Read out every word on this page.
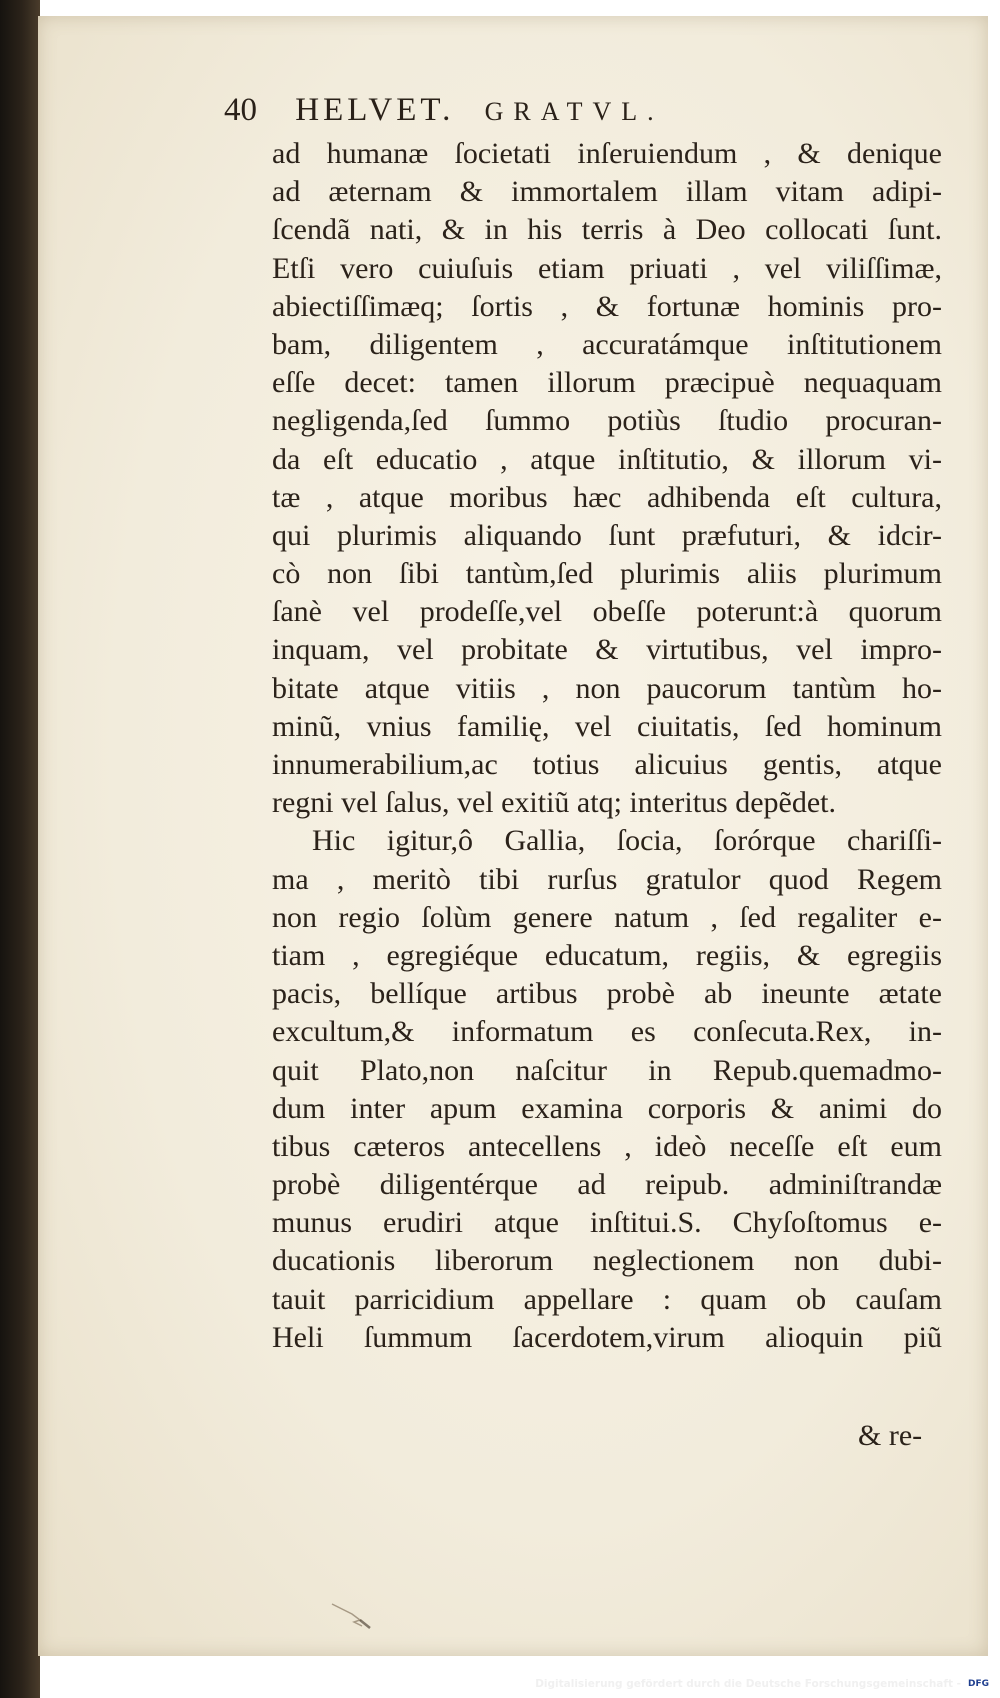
40 HELVET. GRATVL.
ad humanæ ſocietati inſeruiendum , & denique
ad æternam & immortalem illam vitam adipi-
ſcendã nati, & in his terris à Deo collocati ſunt.
Etſi vero cuiuſuis etiam priuati , vel viliſſimæ,
abiectiſſimæq; ſortis , & fortunæ hominis pro-
bam, diligentem , accuratámque inſtitutionem
eſſe decet: tamen illorum præcipuè nequaquam
negligenda,ſed ſummo potiùs ſtudio procuran-
da eſt educatio , atque inſtitutio, & illorum vi-
tæ , atque moribus hæc adhibenda eſt cultura,
qui plurimis aliquando ſunt præfuturi, & idcir-
cò non ſibi tantùm,ſed plurimis aliis plurimum
ſanè vel prodeſſe,vel obeſſe poterunt:à quorum
inquam, vel probitate & virtutibus, vel impro-
bitate atque vitiis , non paucorum tantùm ho-
minũ, vnius familię, vel ciuitatis, ſed hominum
innumerabilium,ac totius alicuius gentis, atque
regni vel ſalus, vel exitiũ atq; interitus depẽdet.
Hic igitur,ô Gallia, ſocia, ſorórque chariſſi-
ma , meritò tibi rurſus gratulor quod Regem
non regio ſolùm genere natum , ſed regaliter e-
tiam , egregiéque educatum, regiis, & egregiis
pacis, bellíque artibus probè ab ineunte ætate
excultum,& informatum es conſecuta.Rex, in-
quit Plato,non naſcitur in Repub.quemadmo-
dum inter apum examina corporis & animi do
tibus cæteros antecellens , ideò neceſſe eſt eum
probè diligentérque ad reipub. adminiſtrandæ
munus erudiri atque inſtitui.S. Chyſoſtomus e-
ducationis liberorum neglectionem non dubi-
tauit parricidium appellare : quam ob cauſam
Heli ſummum ſacerdotem,virum alioquin piũ
& re-
Digitalisierung gefördert durch die Deutsche Forschungsgemeinschaft - DFG
